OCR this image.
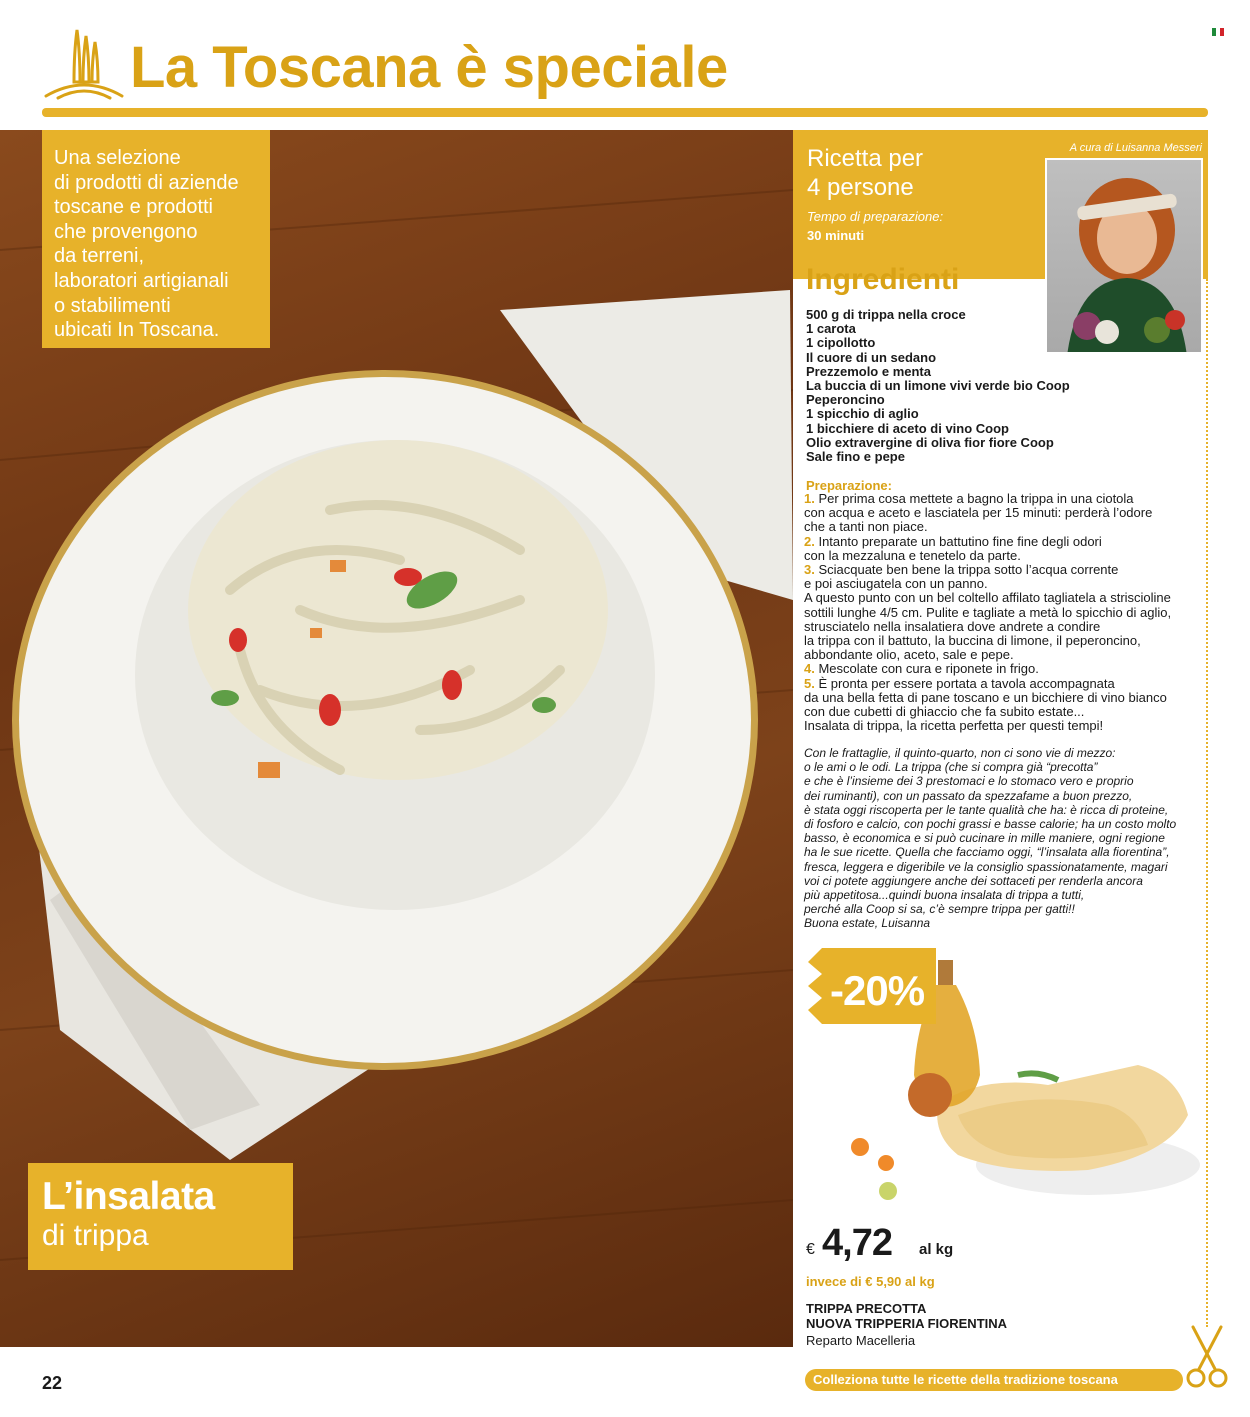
La Toscana è speciale
Una selezione
di prodotti di aziende
toscane e prodotti
che provengono
da terreni,
laboratori artigianali
o stabilimenti
ubicati In Toscana.
L’insalata
di trippa
22
Ricetta per
4 persone
Tempo di preparazione:
30 minuti
A cura di Luisanna Messeri
Ingredienti
500 g di trippa nella croce
1 carota
1 cipollotto
Il cuore di un sedano
Prezzemolo e menta
La buccia di un limone vivi verde bio Coop
Peperoncino
1 spicchio di aglio
1 bicchiere di aceto di vino Coop
Olio extravergine di oliva fior fiore Coop
Sale fino e pepe
Preparazione:
1. Per prima cosa mettete a bagno la trippa in una ciotola
con acqua e aceto e lasciatela per 15 minuti: perderà l’odore
che a tanti non piace.
2. Intanto preparate un battutino fine fine degli odori
con la mezzaluna e tenetelo da parte.
3. Sciacquate ben bene la trippa sotto l’acqua corrente
e poi asciugatela con un panno.
A questo punto con un bel coltello affilato tagliatela a striscioline
sottili lunghe 4/5 cm. Pulite e tagliate a metà lo spicchio di aglio,
strusciatelo nella insalatiera dove andrete a condire
la trippa con il battuto, la buccina di limone, il peperoncino,
abbondante olio, aceto, sale e pepe.
4. Mescolate con cura e riponete in frigo.
5. È pronta per essere portata a tavola accompagnata
da una bella fetta di pane toscano e un bicchiere di vino bianco
con due cubetti di ghiaccio che fa subito estate...
Insalata di trippa, la ricetta perfetta per questi tempi!
Con le frattaglie, il quinto-quarto, non ci sono vie di mezzo:
o le ami o le odi. La trippa (che si compra già “precotta”
e che è l’insieme dei 3 prestomaci e lo stomaco vero e proprio
dei ruminanti), con un passato da spezzafame a buon prezzo,
è stata oggi riscoperta per le tante qualità che ha: è ricca di proteine,
di fosforo e calcio, con pochi grassi e basse calorie; ha un costo molto
basso, è economica e si può cucinare in mille maniere, ogni regione
ha le sue ricette. Quella che facciamo oggi, “l’insalata alla fiorentina”,
fresca, leggera e digeribile ve la consiglio spassionatamente, magari
voi ci potete aggiungere anche dei sottaceti per renderla ancora
più appetitosa...quindi buona insalata di trippa a tutti,
perché alla Coop si sa, c’è sempre trippa per gatti!!
Buona estate, Luisanna
-20%
€ 4,72 al kg
invece di € 5,90 al kg
TRIPPA PRECOTTA
NUOVA TRIPPERIA FIORENTINA
Reparto Macelleria
Colleziona tutte le ricette della tradizione toscana
